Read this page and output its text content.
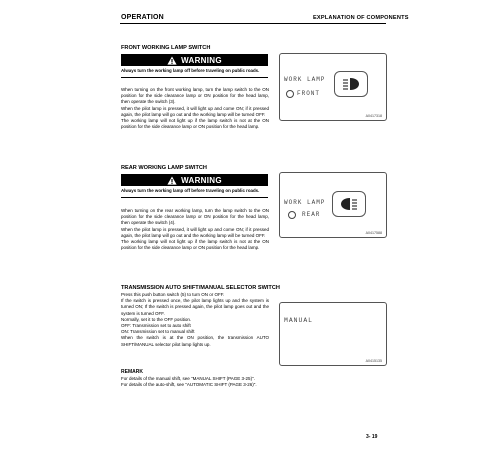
OPERATION	EXPLANATION OF COMPONENTS
FRONT WORKING LAMP SWITCH
WARNING
Always turn the working lamp off before traveling on public roads.

When turning on the front working lamp, turn the lamp switch to the ON position for the side clearance lamp or ON position for the head lamp, then operate the switch (3).

When the pilot lamp is pressed, it will light up and come ON; if it pressed again, the pilot lamp will go out and the working lamp will be turned OFF.

The working lamp will not light up if the lamp switch is not at the ON position for the side clearance lamp or ON position for the head lamp.

WORK LAMP
FRONT
A0417318
REAR WORKING LAMP SWITCH
WARNING
Always turn the working lamp off before traveling on public roads.

When turning on the rear working lamp, turn the lamp switch to the ON position for the side clearance lamp or ON position for the head lamp, then operate the switch (4).

When the pilot lamp is pressed, it will light up and come ON; if it pressed again, the pilot lamp will go out and the working lamp will be turned OFF.

The working lamp will not light up if the lamp switch is not at the ON position for the side clearance lamp or ON position for the head lamp.

WORK LAMP
REAR
A0417588
TRANSMISSION AUTO SHIFT/MANUAL SELECTOR SWITCH

Press this push button switch (5) to turn ON or OFF.

If the switch is pressed once, the pilot lamp lights up and the system is turned ON; If the switch is pressed again, the pilot lamp goes out and the system is turned OFF.

Normally, set it to the OFF position.

OFF: Transmission set to auto shift

ON: Transmission set to manual shift

When the switch is at the ON position, the transmission AUTO SHIFT/MANUAL selector pilot lamp lights up.

MANUAL
A0415135
REMARK

For details of the manual shift, see "MANUAL SHIFT (PAGE 3-25)".

For details of the auto-shift, see "AUTOMATIC SHIFT (PAGE 3-26)".

3- 19
